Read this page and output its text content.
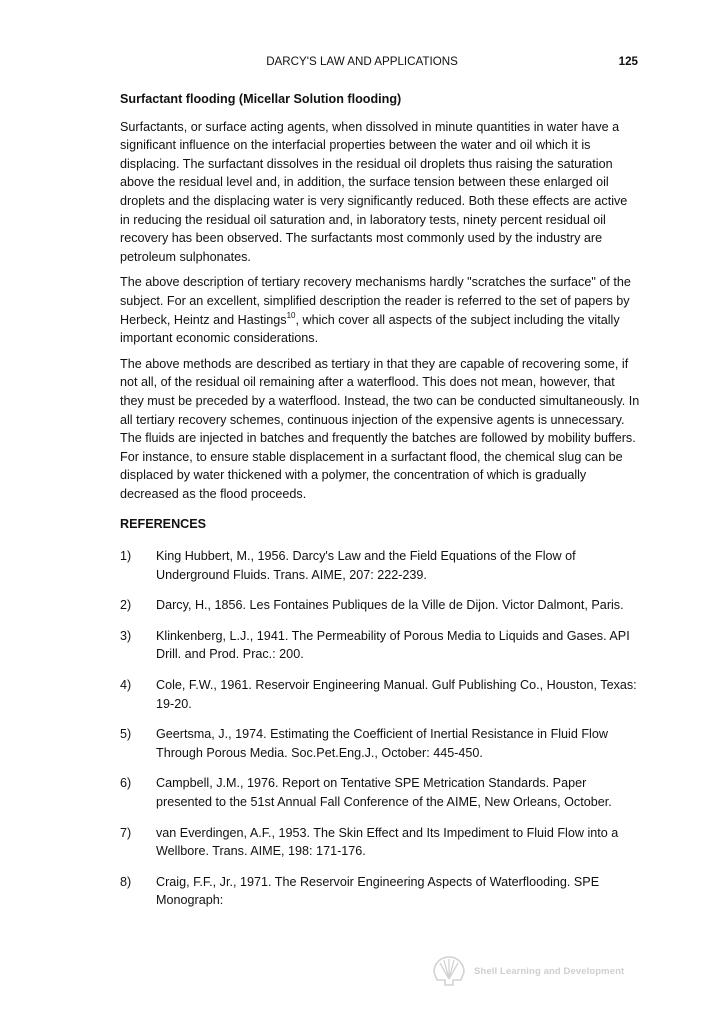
DARCY'S LAW AND APPLICATIONS	125
Surfactant flooding (Micellar Solution flooding)

Surfactants, or surface acting agents, when dissolved in minute quantities in water have a significant influence on the interfacial properties between the water and oil which it is displacing. The surfactant dissolves in the residual oil droplets thus raising the saturation above the residual level and, in addition, the surface tension between these enlarged oil droplets and the displacing water is very significantly reduced. Both these effects are active in reducing the residual oil saturation and, in laboratory tests, ninety percent residual oil recovery has been observed. The surfactants most commonly used by the industry are petroleum sulphonates.

The above description of tertiary recovery mechanisms hardly "scratches the surface" of the subject. For an excellent, simplified description the reader is referred to the set of papers by Herbeck, Heintz and Hastings$^{10}$, which cover all aspects of the subject including the vitally important economic considerations.

The above methods are described as tertiary in that they are capable of recovering some, if not all, of the residual oil remaining after a waterflood. This does not mean, however, that they must be preceded by a waterflood. Instead, the two can be conducted simultaneously. In all tertiary recovery schemes, continuous injection of the expensive agents is unnecessary. The fluids are injected in batches and frequently the batches are followed by mobility buffers. For instance, to ensure stable displacement in a surfactant flood, the chemical slug can be displaced by water thickened with a polymer, the concentration of which is gradually decreased as the flood proceeds.

REFERENCES
1)	King Hubbert, M., 1956. Darcy's Law and the Field Equations of the Flow of Underground Fluids. Trans. AIME, 207: 222-239.
2)	Darcy, H., 1856. Les Fontaines Publiques de la Ville de Dijon. Victor Dalmont, Paris.
3)	Klinkenberg, L.J., 1941. The Permeability of Porous Media to Liquids and Gases. API Drill. and Prod. Prac.: 200.
4)	Cole, F.W., 1961. Reservoir Engineering Manual. Gulf Publishing Co., Houston, Texas: 19-20.
5)	Geertsma, J., 1974. Estimating the Coefficient of Inertial Resistance in Fluid Flow Through Porous Media. Soc.Pet.Eng.J., October: 445-450.
6)	Campbell, J.M., 1976. Report on Tentative SPE Metrication Standards. Paper presented to the 51st Annual Fall Conference of the AIME, New Orleans, October.
7)	van Everdingen, A.F., 1953. The Skin Effect and Its Impediment to Fluid Flow into a Wellbore. Trans. AIME, 198: 171-176.
8)	Craig, F.F., Jr., 1971. The Reservoir Engineering Aspects of Waterflooding. SPE Monograph:
Shell Learning and Development
